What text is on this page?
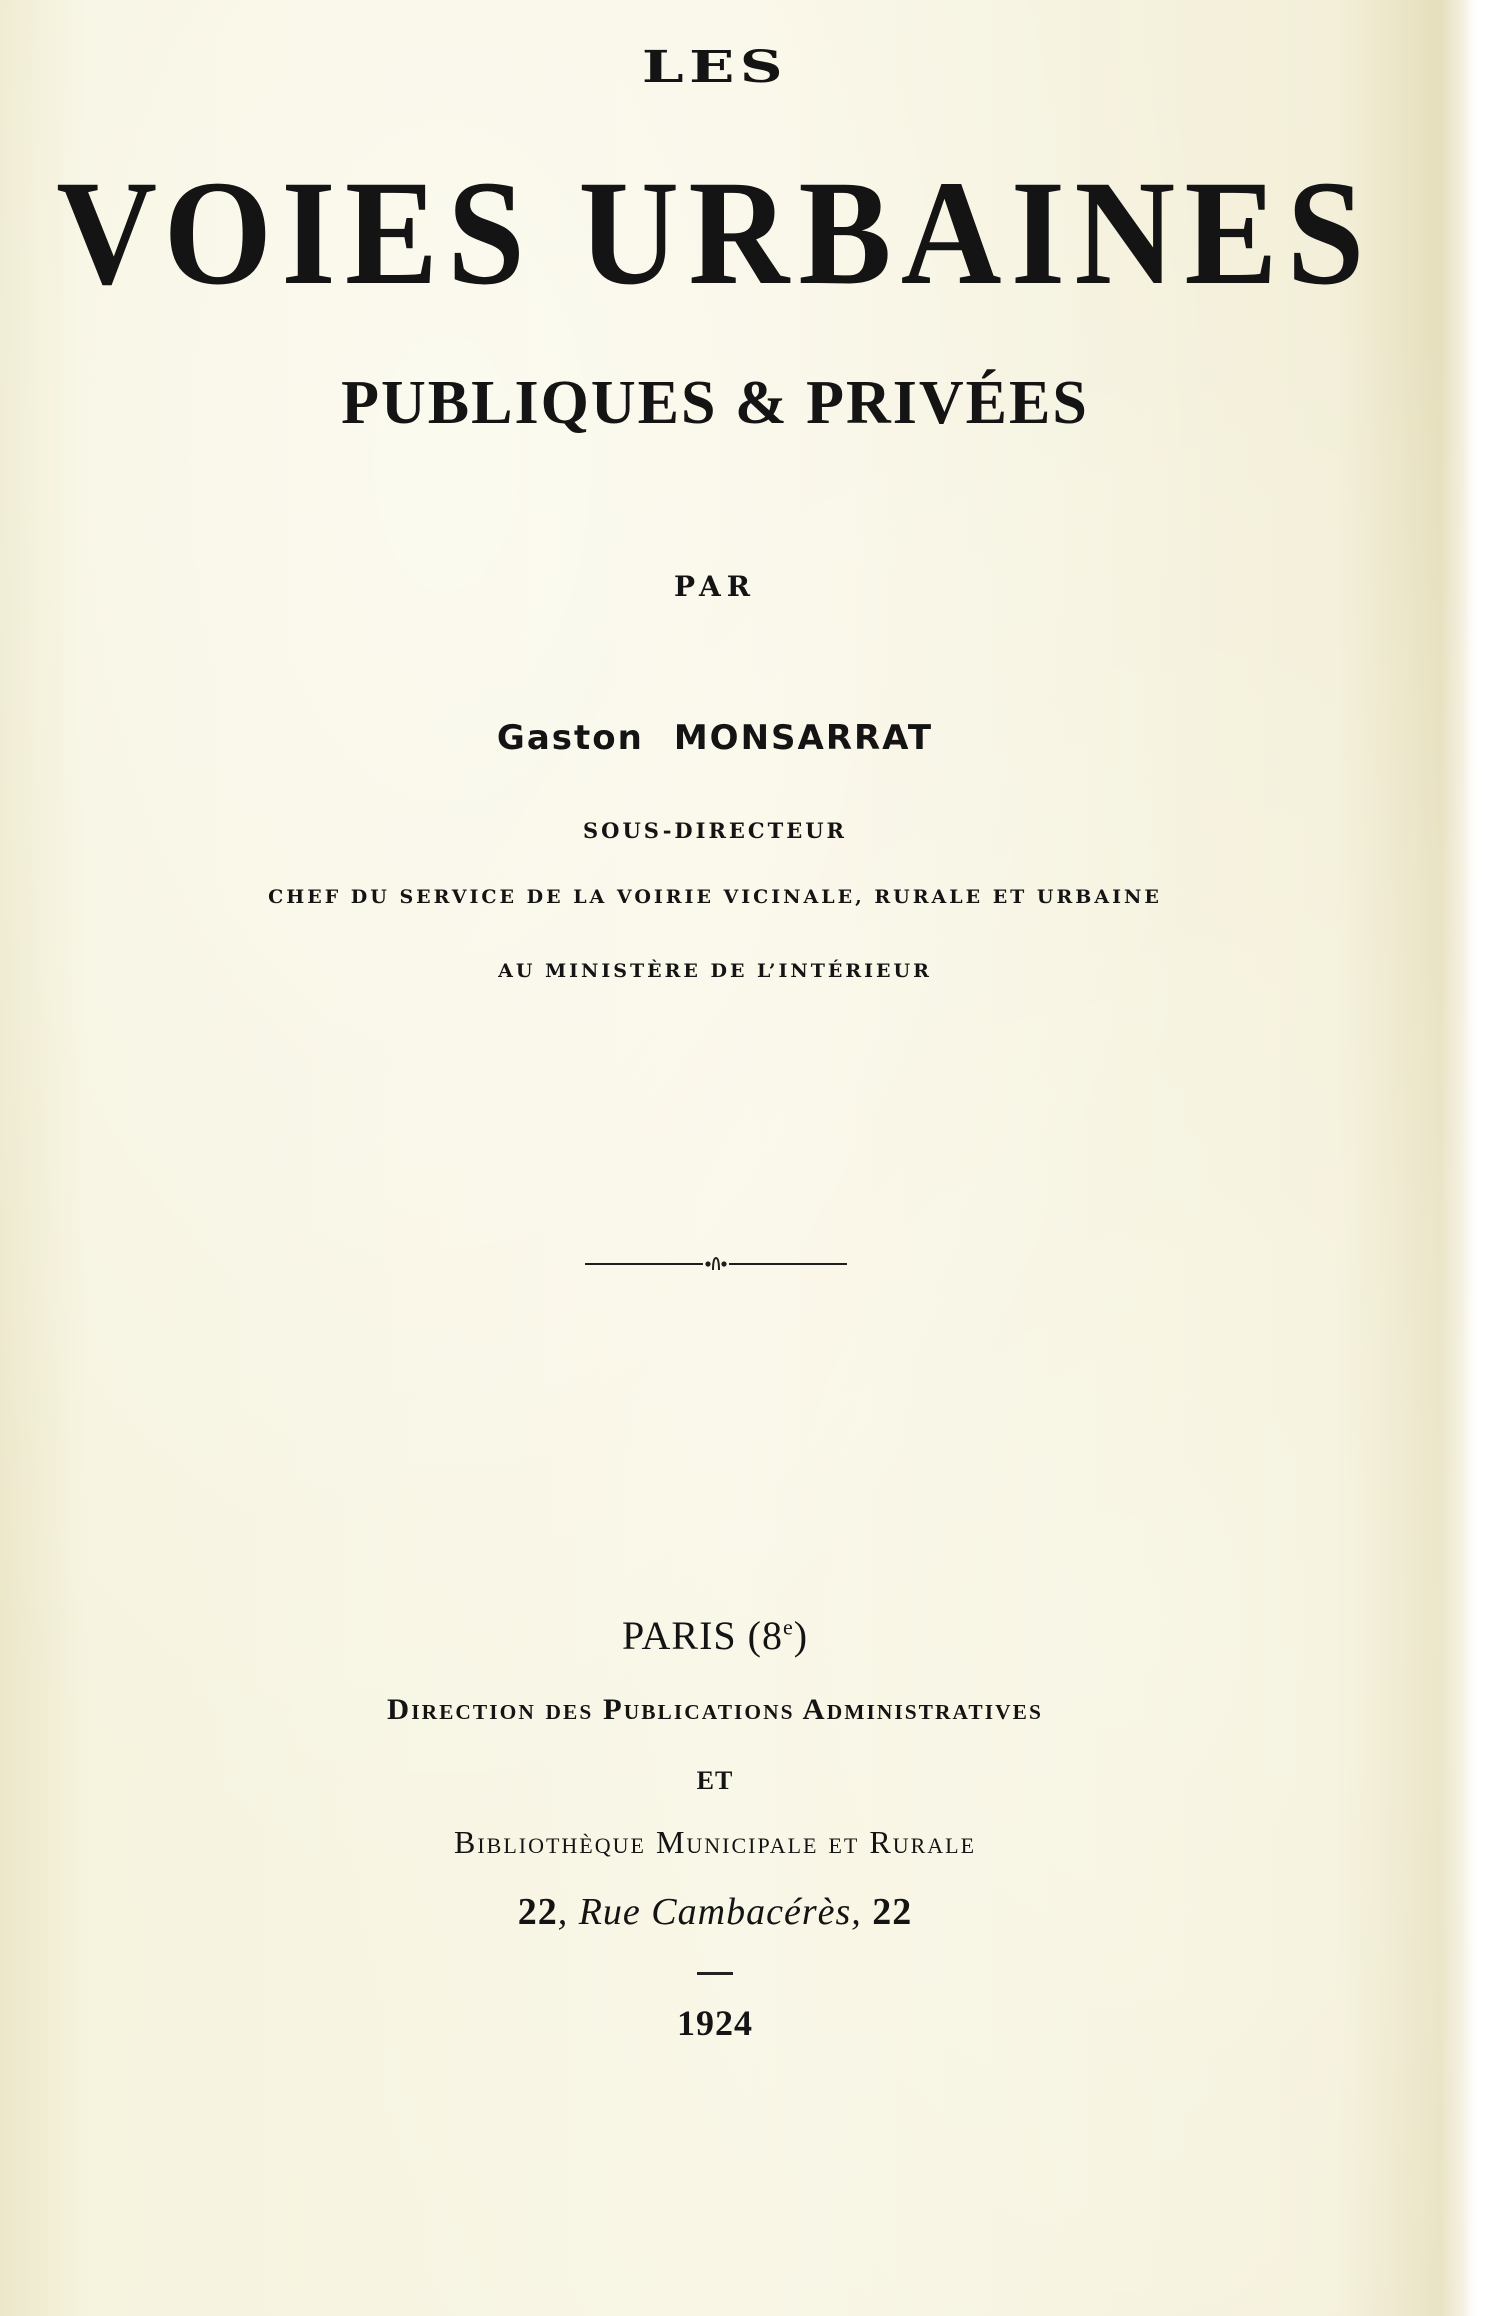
LES
VOIES URBAINES
PUBLIQUES & PRIVÉES
PAR
Gaston MONSARRAT
SOUS-DIRECTEUR
CHEF DU SERVICE DE LA VOIRIE VICINALE, RURALE ET URBAINE
AU MINISTÈRE DE L’INTÉRIEUR
PARIS (8e)
Direction des Publications Administratives
ET
Bibliothèque Municipale et Rurale
22, Rue Cambacérès, 22
1924
